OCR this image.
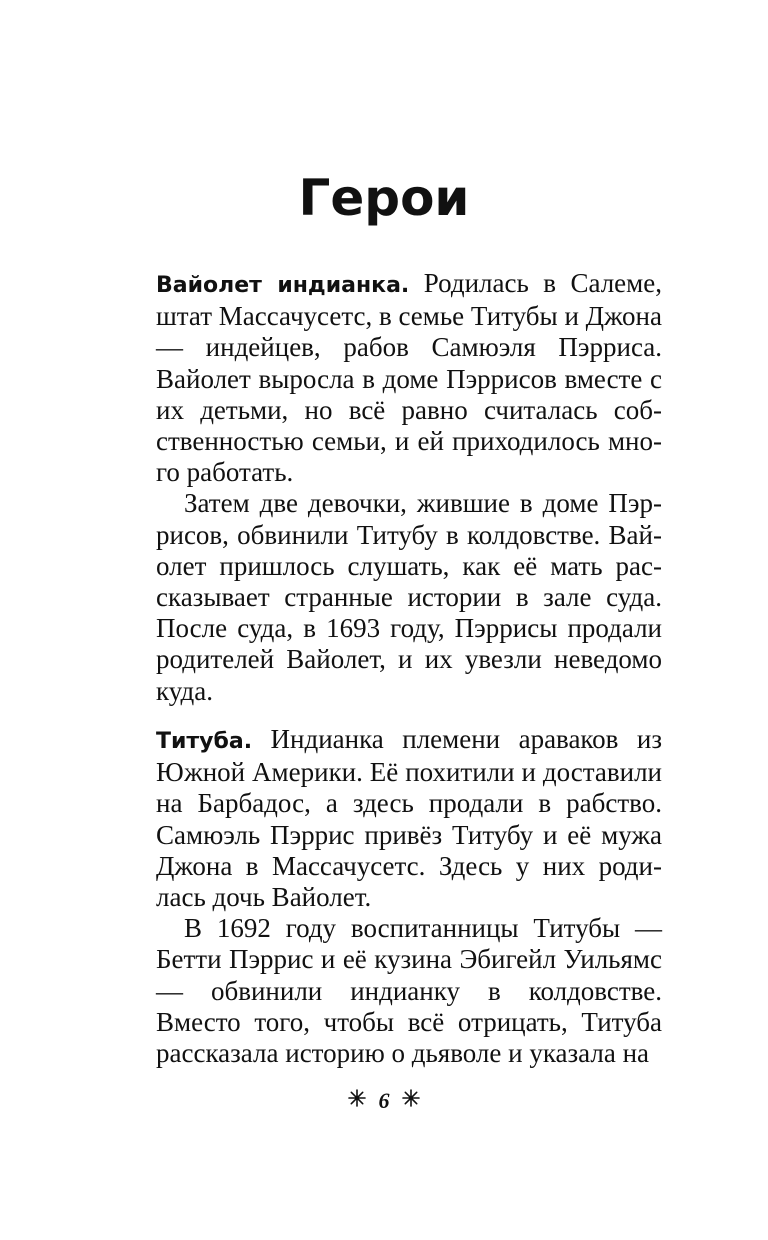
Герои

Вайолет индианка. Родилась в Салеме, штат Массачусетс, в семье Титубы и Джона — индейцев, рабов Самюэля Пэрриса. Вайолет выросла в доме Пэррисов вместе с их детьми, но всё равно считалась собственностью семьи, и ей приходилось много работать.

Затем две девочки, жившие в доме Пэррисов, обвинили Титубу в колдовстве. Вайолет пришлось слушать, как её мать рассказывает странные истории в зале суда. После суда, в 1693 году, Пэррисы продали родителей Вайолет, и их увезли неведомо куда.

Титуба. Индианка племени араваков из Южной Америки. Её похитили и доставили на Барбадос, а здесь продали в рабство. Самюэль Пэррис привёз Титубу и её мужа Джона в Массачусетс. Здесь у них родилась дочь Вайолет.

В 1692 году воспитанницы Титубы — Бетти Пэррис и её кузина Эбигейл Уильямс — обвинили индианку в колдовстве. Вместо того, чтобы всё отрицать, Титуба рассказала историю о дьяволе и указала на

6
